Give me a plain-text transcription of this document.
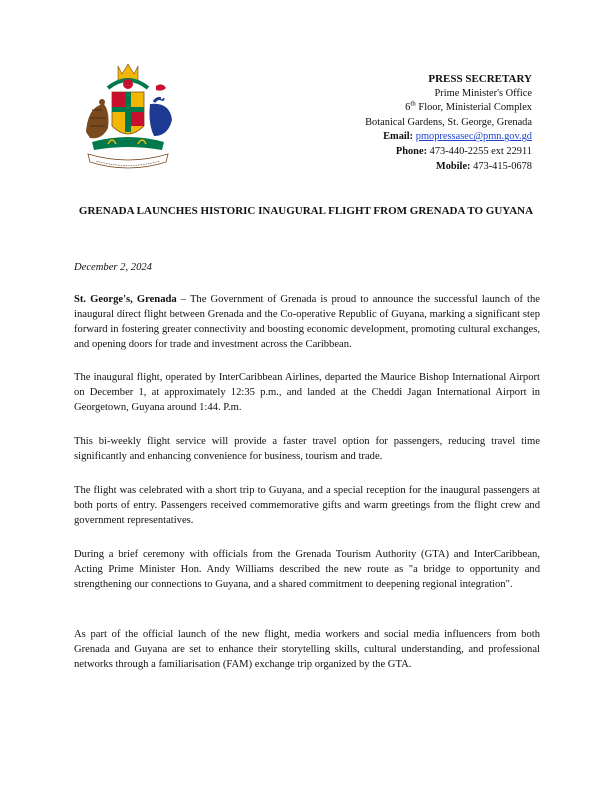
PRESS SECRETARY
Prime Minister's Office
6th Floor, Ministerial Complex
Botanical Gardens, St. George, Grenada
Email: pmopressasec@pmn.gov.gd
Phone: 473-440-2255 ext 22911
Mobile: 473-415-0678
GRENADA LAUNCHES HISTORIC INAUGURAL FLIGHT FROM GRENADA TO GUYANA
December 2, 2024

St. George's, Grenada – The Government of Grenada is proud to announce the successful launch of the inaugural direct flight between Grenada and the Co-operative Republic of Guyana, marking a significant step forward in fostering greater connectivity and boosting economic development, promoting cultural exchanges, and opening doors for trade and investment across the Caribbean.

The inaugural flight, operated by InterCaribbean Airlines, departed the Maurice Bishop International Airport on December 1, at approximately 12:35 p.m., and landed at the Cheddi Jagan International Airport in Georgetown, Guyana around 1:44. P.m.

This bi-weekly flight service will provide a faster travel option for passengers, reducing travel time significantly and enhancing convenience for business, tourism and trade.

The flight was celebrated with a short trip to Guyana, and a special reception for the inaugural passengers at both ports of entry. Passengers received commemorative gifts and warm greetings from the flight crew and government representatives.

During a brief ceremony with officials from the Grenada Tourism Authority (GTA) and InterCaribbean, Acting Prime Minister Hon. Andy Williams described the new route as "a bridge to opportunity and strengthening our connections to Guyana, and a shared commitment to deepening regional integration".

As part of the official launch of the new flight, media workers and social media influencers from both Grenada and Guyana are set to enhance their storytelling skills, cultural understanding, and professional networks through a familiarisation (FAM) exchange trip organized by the GTA.
